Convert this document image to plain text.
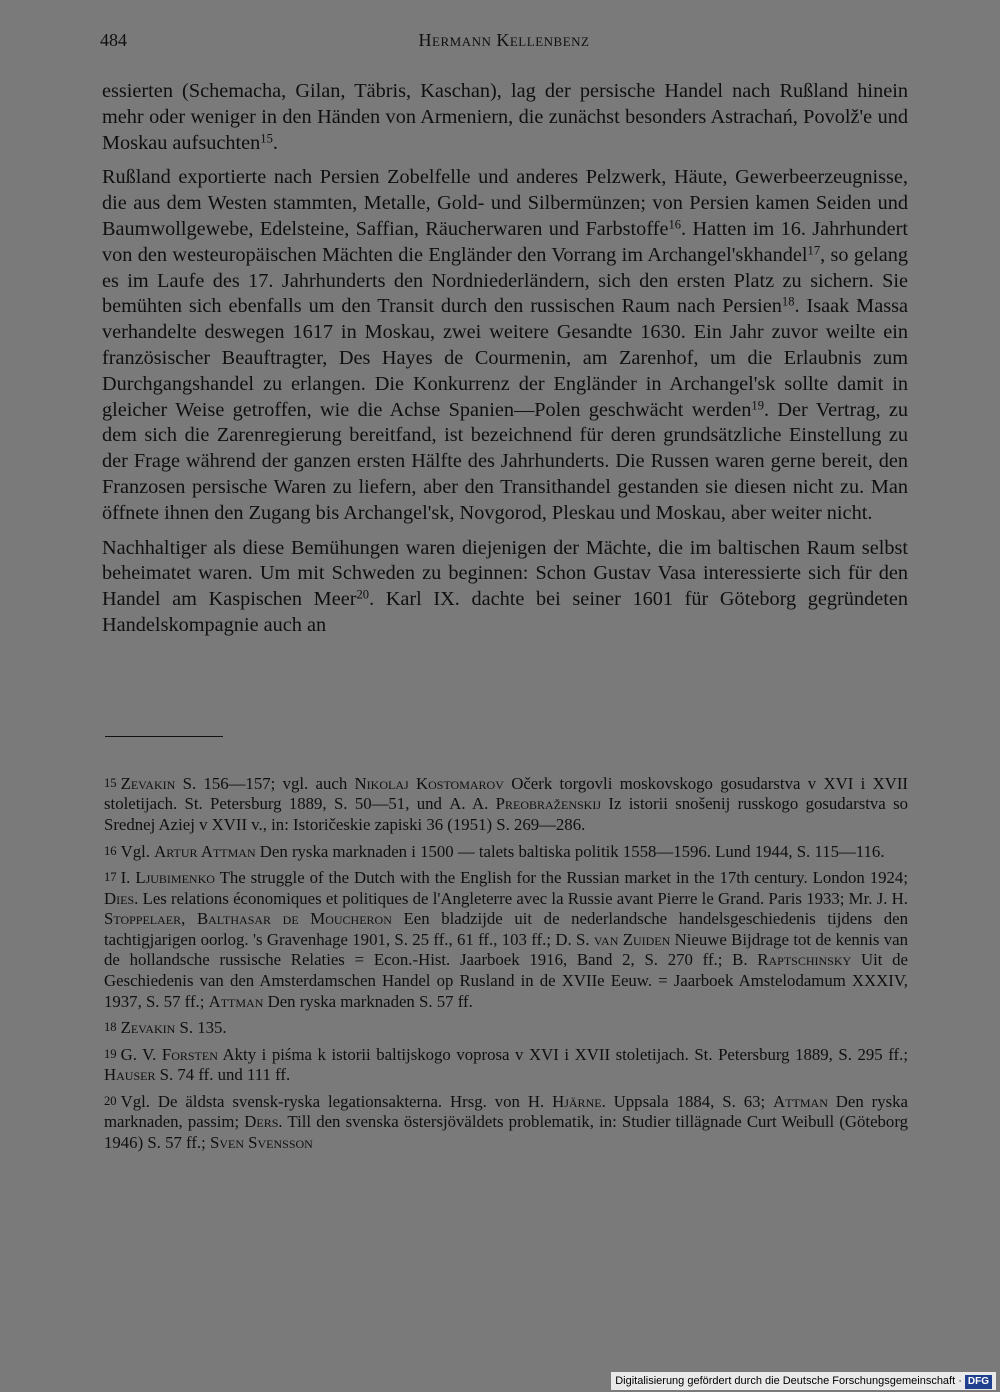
484	Hermann Kellenbenz

essierten (Schemacha, Gilan, Täbris, Kaschan), lag der persische Handel nach Rußland hinein mehr oder weniger in den Händen von Armeniern, die zunächst besonders Astrachań, Povolž'e und Moskau aufsuchten$^{15}$.

Rußland exportierte nach Persien Zobelfelle und anderes Pelzwerk, Häute, Gewerbeerzeugnisse, die aus dem Westen stammten, Metalle, Gold- und Silbermünzen; von Persien kamen Seiden und Baumwollgewebe, Edelsteine, Saffian, Räucherwaren und Farbstoffe$^{16}$. Hatten im 16. Jahrhundert von den westeuropäischen Mächten die Engländer den Vorrang im Archangel'skhandel$^{17}$, so gelang es im Laufe des 17. Jahrhunderts den Nordniederländern, sich den ersten Platz zu sichern. Sie bemühten sich ebenfalls um den Transit durch den russischen Raum nach Persien$^{18}$. Isaak Massa verhandelte deswegen 1617 in Moskau, zwei weitere Gesandte 1630. Ein Jahr zuvor weilte ein französischer Beauftragter, Des Hayes de Courmenin, am Zarenhof, um die Erlaubnis zum Durchgangshandel zu erlangen. Die Konkurrenz der Engländer in Archangel'sk sollte damit in gleicher Weise getroffen, wie die Achse Spanien—Polen geschwächt werden$^{19}$. Der Vertrag, zu dem sich die Zarenregierung bereitfand, ist bezeichnend für deren grundsätzliche Einstellung zu der Frage während der ganzen ersten Hälfte des Jahrhunderts. Die Russen waren gerne bereit, den Franzosen persische Waren zu liefern, aber den Transithandel gestanden sie diesen nicht zu. Man öffnete ihnen den Zugang bis Archangel'sk, Novgorod, Pleskau und Moskau, aber weiter nicht.

Nachhaltiger als diese Bemühungen waren diejenigen der Mächte, die im baltischen Raum selbst beheimatet waren. Um mit Schweden zu beginnen: Schon Gustav Vasa interessierte sich für den Handel am Kaspischen Meer$^{20}$. Karl IX. dachte bei seiner 1601 für Göteborg gegründeten Handelskompagnie auch an

15 Zevakin S. 156—157; vgl. auch Nikolaj Kostomarov Očerk torgovli moskovskogo gosudarstva v XVI i XVII stoletijach. St. Petersburg 1889, S. 50—51, und A. A. Preobraženskij Iz istorii snošenij russkogo gosudarstva so Srednej Aziej v XVII v., in: Istoričeskie zapiski 36 (1951) S. 269—286.

16 Vgl. Artur Attman Den ryska marknaden i 1500 — talets baltiska politik 1558—1596. Lund 1944, S. 115—116.

17 I. Ljubimenko The struggle of the Dutch with the English for the Russian market in the 17th century. London 1924; Dies. Les relations économiques et politiques de l'Angleterre avec la Russie avant Pierre le Grand. Paris 1933; Mr. J. H. Stoppelaer, Balthasar de Moucheron Een bladzijde uit de nederlandsche handelsgeschiedenis tijdens den tachtigjarigen oorlog. 's Gravenhage 1901, S. 25 ff., 61 ff., 103 ff.; D. S. van Zuiden Nieuwe Bijdrage tot de kennis van de hollandsche russische Relaties = Econ.-Hist. Jaarboek 1916, Band 2, S. 270 ff.; B. Raptschinsky Uit de Geschiedenis van den Amsterdamschen Handel op Rusland in de XVIIe Eeuw. = Jaarboek Amstelodamum XXXIV, 1937, S. 57 ff.; Attman Den ryska marknaden S. 57 ff.

18 Zevakin S. 135.

19 G. V. Forsten Akty i piśma k istorii baltijskogo voprosa v XVI i XVII stoletijach. St. Petersburg 1889, S. 295 ff.; Hauser S. 74 ff. und 111 ff.

20 Vgl. De äldsta svensk-ryska legationsakterna. Hrsg. von H. Hjärne. Uppsala 1884, S. 63; Attman Den ryska marknaden, passim; Ders. Till den svenska östersjöväldets problematik, in: Studier tillägnade Curt Weibull (Göteborg 1946) S. 57 ff.; Sven Svensson

Digitalisierung gefördert durch die Deutsche Forschungsgemeinschaft · DFG
